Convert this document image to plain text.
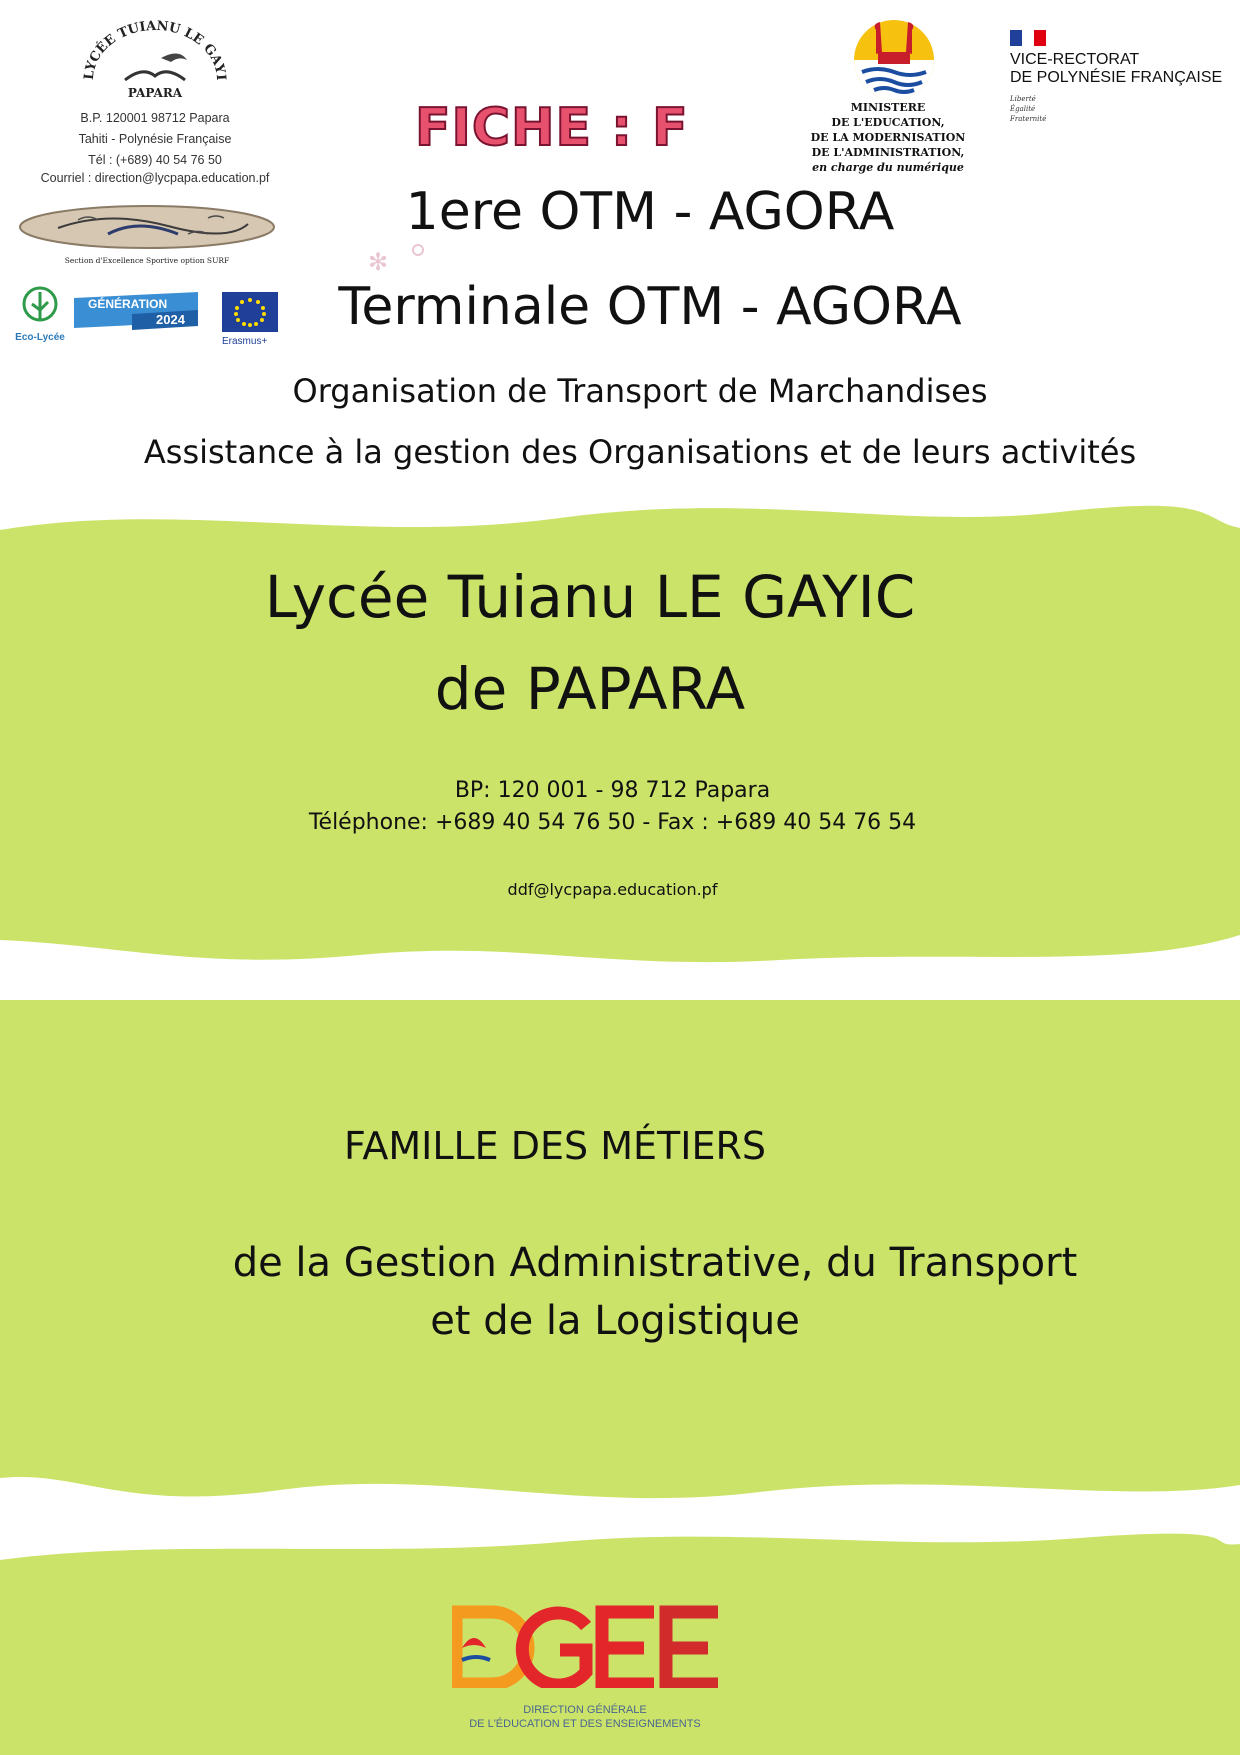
LYCÉE TUIANU LE GAYI
PAPARA
B.P. 120001 98712 Papara
Tahiti - Polynésie Française
Tél : (+689) 40 54 76 50
Courriel : direction@lycpapa.education.pf
Section d'Excellence Sportive option SURF
Eco-Lycée
GÉNÉRATION
2024
Erasmus+
FICHE : F
1ere OTM - AGORA
✻
Terminale OTM - AGORA
Organisation de Transport de Marchandises
Assistance à la gestion des Organisations et de leurs activités
MINISTERE
DE L'EDUCATION,
DE LA MODERNISATION
DE L'ADMINISTRATION,
en charge du numérique
VICE-RECTORAT
DE POLYNÉSIE FRANÇAISE
Liberté
Égalité
Fraternité
Lycée Tuianu LE GAYIC
de PAPARA
BP: 120 001 - 98 712 Papara
Téléphone: +689 40 54 76 50 - Fax : +689 40 54 76 54
ddf@lycpapa.education.pf
FAMILLE DES MÉTIERS
de la Gestion Administrative, du Transport
et de la Logistique
DIRECTION GÉNÉRALE
DE L'ÉDUCATION ET DES ENSEIGNEMENTS
